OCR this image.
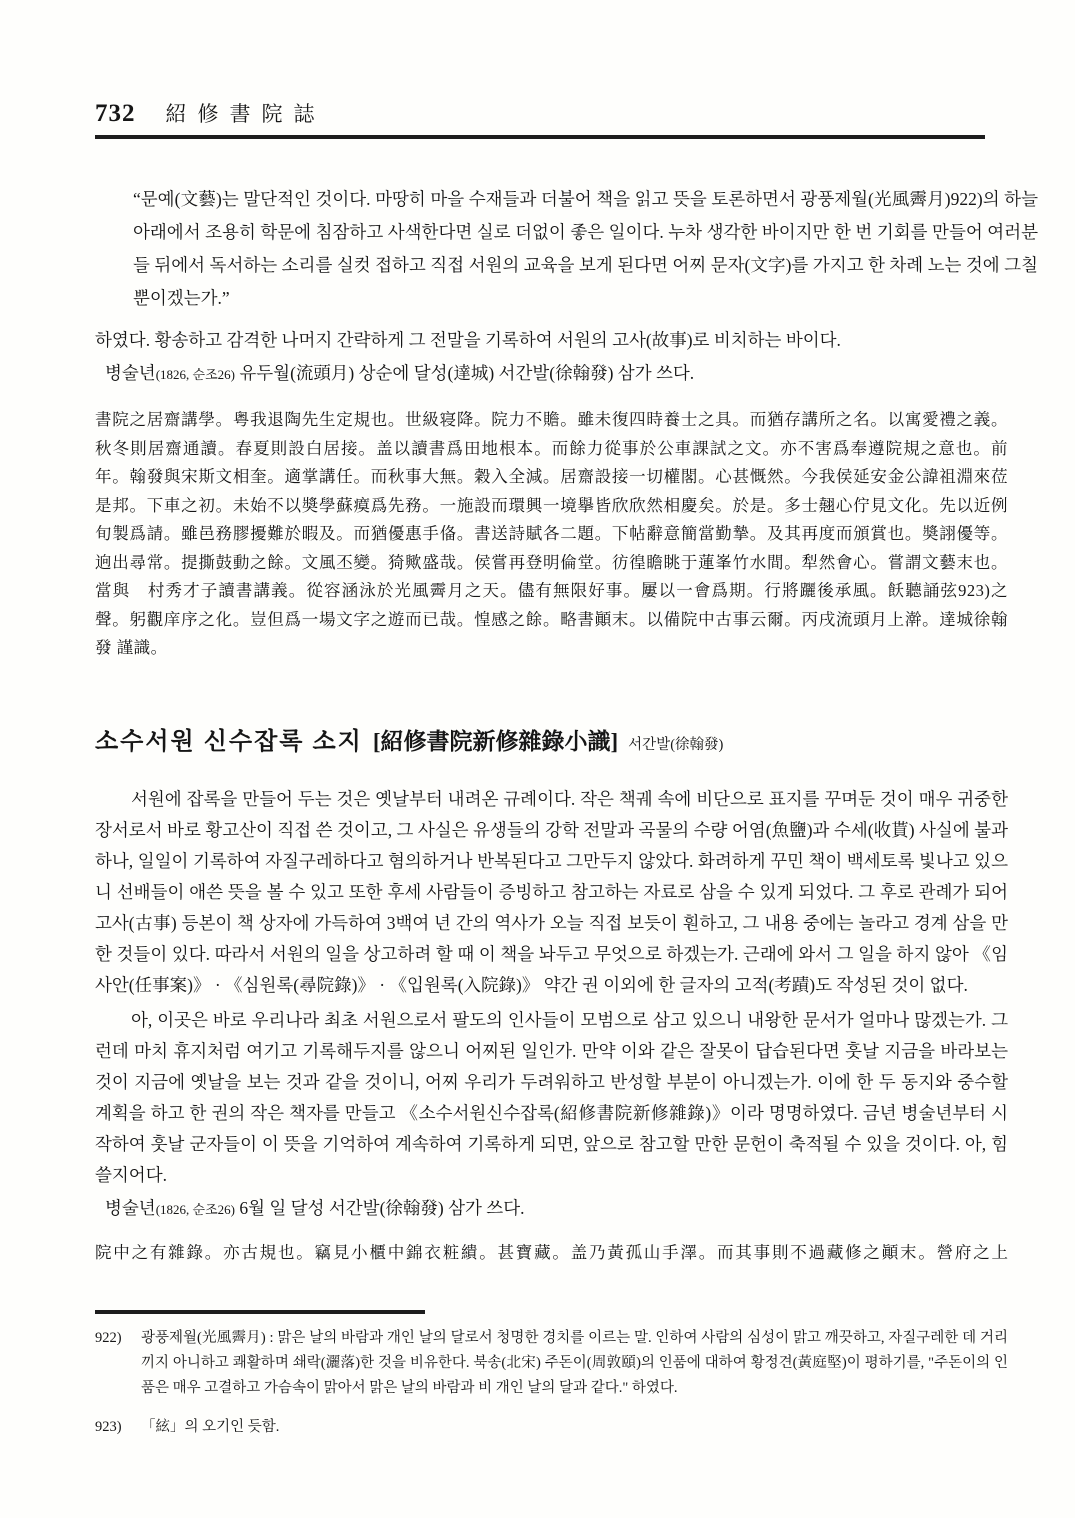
732 紹修書院誌
“문예(文藝)는 말단적인 것이다. 마땅히 마을 수재들과 더불어 책을 읽고 뜻을 토론하면서 광풍제월(光風霽月)922)의 하늘 아래에서 조용히 학문에 침잠하고 사색한다면 실로 더없이 좋은 일이다. 누차 생각한 바이지만 한 번 기회를 만들어 여러분들 뒤에서 독서하는 소리를 실컷 접하고 직접 서원의 교육을 보게 된다면 어찌 문자(文字)를 가지고 한 차례 노는 것에 그칠 뿐이겠는가.”

하였다. 황송하고 감격한 나머지 간략하게 그 전말을 기록하여 서원의 고사(故事)로 비치하는 바이다.

병술년(1826, 순조26) 유두월(流頭月) 상순에 달성(達城) 서간발(徐翰發) 삼가 쓰다.

書院之居齋講學。粤我退陶先生定規也。世級寝降。院力不贍。雖未復四時養士之具。而猶存講所之名。以寓愛禮之義。秋冬則居齋通讀。春夏則設白居接。盖以讀書爲田地根本。而餘力從事於公車課試之文。亦不害爲奉遵院規之意也。前年。翰發與宋斯文相奎。適掌講任。而秋事大無。穀入全減。居齋設接一切權閣。心甚慨然。今我侯延安金公諱祖淵來莅是邦。下車之初。未始不以奬學蘇瘼爲先務。一施設而環興一境擧皆欣欣然相慶矣。於是。多士翹心佇見文化。先以近例旬製爲請。雖邑務膠擾難於暇及。而猶優惠手俻。書送詩賦各二題。下帖辭意簡當勤摯。及其再度而頒賞也。奬詡優等。逈出尋常。提撕鼓動之餘。文風丕變。猗歟盛哉。侯嘗再登明倫堂。彷徨瞻眺于蓮峯竹水間。犁然會心。嘗謂文藝末也。當與　村秀才子讀書講義。從容涵泳於光風霽月之天。儘有無限好事。屢以一會爲期。行將躧後承風。飫聽誦弦923)之聲。躬觀庠序之化。豈但爲一場文字之遊而已哉。惶感之餘。略書顚末。以備院中古事云爾。丙戌流頭月上澣。達城徐翰發 謹識。
소수서원 신수잡록 소지 [紹修書院新修雜錄小識] 서간발(徐翰發)

서원에 잡록을 만들어 두는 것은 옛날부터 내려온 규례이다. 작은 책궤 속에 비단으로 표지를 꾸며둔 것이 매우 귀중한 장서로서 바로 황고산이 직접 쓴 것이고, 그 사실은 유생들의 강학 전말과 곡물의 수량 어염(魚鹽)과 수세(收貰) 사실에 불과하나, 일일이 기록하여 자질구레하다고 혐의하거나 반복된다고 그만두지 않았다. 화려하게 꾸민 책이 백세토록 빛나고 있으니 선배들이 애쓴 뜻을 볼 수 있고 또한 후세 사람들이 증빙하고 참고하는 자료로 삼을 수 있게 되었다. 그 후로 관례가 되어 고사(古事) 등본이 책 상자에 가득하여 3백여 년 간의 역사가 오늘 직접 보듯이 훤하고, 그 내용 중에는 놀라고 경계 삼을 만한 것들이 있다. 따라서 서원의 일을 상고하려 할 때 이 책을 놔두고 무엇으로 하겠는가. 근래에 와서 그 일을 하지 않아 《임사안(任事案)》 · 《심원록(尋院錄)》 · 《입원록(入院錄)》 약간 권 이외에 한 글자의 고적(考蹟)도 작성된 것이 없다.

아, 이곳은 바로 우리나라 최초 서원으로서 팔도의 인사들이 모범으로 삼고 있으니 내왕한 문서가 얼마나 많겠는가. 그런데 마치 휴지처럼 여기고 기록해두지를 않으니 어찌된 일인가. 만약 이와 같은 잘못이 답습된다면 훗날 지금을 바라보는 것이 지금에 옛날을 보는 것과 같을 것이니, 어찌 우리가 두려워하고 반성할 부분이 아니겠는가. 이에 한 두 동지와 중수할 계획을 하고 한 권의 작은 책자를 만들고 《소수서원신수잡록(紹修書院新修雜錄)》이라 명명하였다. 금년 병술년부터 시작하여 훗날 군자들이 이 뜻을 기억하여 계속하여 기록하게 되면, 앞으로 참고할 만한 문헌이 축적될 수 있을 것이다. 아, 힘쓸지어다.

병술년(1826, 순조26) 6월 일 달성 서간발(徐翰發) 삼가 쓰다.

院中之有雜錄。亦古規也。竊見小櫃中錦衣粧繢。甚寶藏。盖乃黃孤山手澤。而其事則不過藏修之顚末。營府之上
922)	광풍제월(光風霽月) : 맑은 날의 바람과 개인 날의 달로서 청명한 경치를 이르는 말. 인하여 사람의 심성이 맑고 깨끗하고, 자질구레한 데 거리끼지 아니하고 쾌활하며 쇄락(灑落)한 것을 비유한다. 북송(北宋) 주돈이(周敦頤)의 인품에 대하여 황정견(黃庭堅)이 평하기를, "주돈이의 인품은 매우 고결하고 가슴속이 맑아서 맑은 날의 바람과 비 개인 날의 달과 같다." 하였다.
923)	「絃」의 오기인 듯함.
